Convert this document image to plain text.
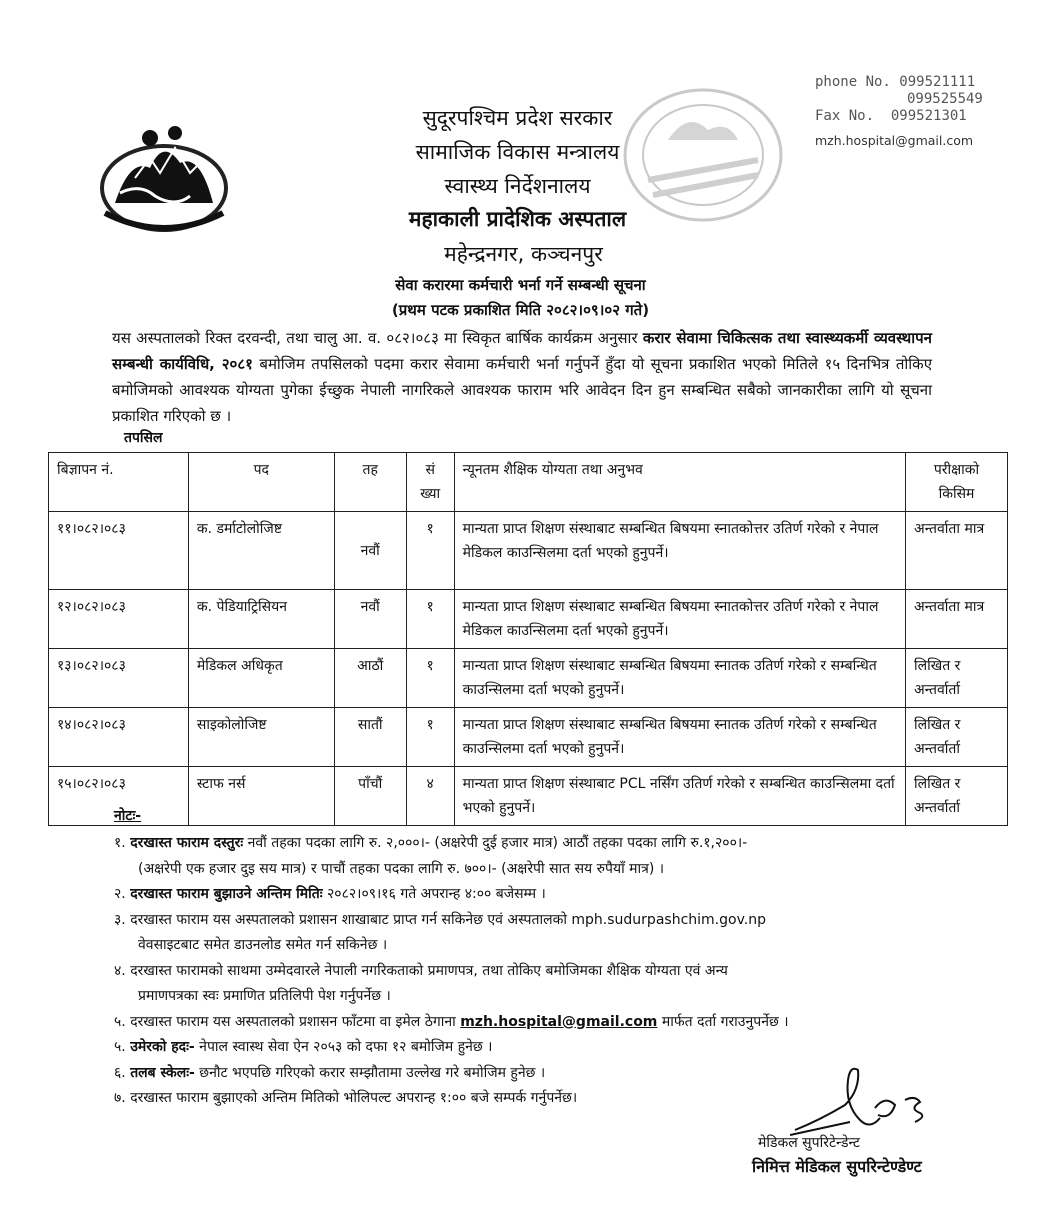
सुदूरपश्चिम प्रदेश सरकार
सामाजिक विकास मन्त्रालय
स्वास्थ्य निर्देशनालय
महाकाली प्रादेशिक अस्पताल
महेन्द्रनगर, कञ्चनपुर
सेवा करारमा कर्मचारी भर्ना गर्ने सम्बन्धी सूचना
(प्रथम पटक प्रकाशित मिति २०८२।०९।०२ गते)
phone No. 099521111
099525549
Fax No. 099521301
mzh.hospital@gmail.com
यस अस्पतालको रिक्त दरवन्दी, तथा चालु आ. व. ०८२।०८३ मा स्विकृत बार्षिक कार्यक्रम अनुसार करार सेवामा चिकित्सक तथा स्वास्थ्यकर्मी व्यवस्थापन सम्बन्धी कार्यविधि, २०८१ बमोजिम तपसिलको पदमा करार सेवामा कर्मचारी भर्ना गर्नुपर्ने हुँदा यो सूचना प्रकाशित भएको मितिले १५ दिनभित्र तोकिए बमोजिमको आवश्यक योग्यता पुगेका ईच्छुक नेपाली नागरिकले आवश्यक फाराम भरि आवेदन दिन हुन सम्बन्धित सबैको जानकारीका लागि यो सूचना प्रकाशित गरिएको छ ।
तपसिल
बिज्ञापन नं.	पद	तह	सं ख्या	न्यूनतम शैक्षिक योग्यता तथा अनुभव	परीक्षाको किसिम
११।०८२।०८३	क. डर्माटोलोजिष्ट	नवौं	१	मान्यता प्राप्त शिक्षण संस्थाबाट सम्बन्धित बिषयमा स्नातकोत्तर उतिर्ण गरेको र नेपाल मेडिकल काउन्सिलमा दर्ता भएको हुनुपर्ने।	अन्तर्वाता मात्र
१२।०८२।०८३	क. पेडियाट्रिसियन	नवौं	१	मान्यता प्राप्त शिक्षण संस्थाबाट सम्बन्धित बिषयमा स्नातकोत्तर उतिर्ण गरेको र नेपाल मेडिकल काउन्सिलमा दर्ता भएको हुनुपर्ने।	अन्तर्वाता मात्र
१३।०८२।०८३	मेडिकल अधिकृत	आठौं	१	मान्यता प्राप्त शिक्षण संस्थाबाट सम्बन्धित बिषयमा स्नातक उतिर्ण गरेको र सम्बन्धित काउन्सिलमा दर्ता भएको हुनुपर्ने।	लिखित र अन्तर्वार्ता
१४।०८२।०८३	साइकोलोजिष्ट	सातौं	१	मान्यता प्राप्त शिक्षण संस्थाबाट सम्बन्धित बिषयमा स्नातक उतिर्ण गरेको र सम्बन्धित काउन्सिलमा दर्ता भएको हुनुपर्ने।	लिखित र अन्तर्वार्ता
१५।०८२।०८३	स्टाफ नर्स	पाँचौं	४	मान्यता प्राप्त शिक्षण संस्थाबाट PCL नर्सिंग उतिर्ण गरेको र सम्बन्धित काउन्सिलमा दर्ता भएको हुनुपर्ने।	लिखित र अन्तर्वार्ता
नोटः-
१. दरखास्त फाराम दस्तुरः नवौं तहका पदका लागि रु. २,०००।- (अक्षरेपी दुई हजार मात्र) आठौं तहका पदका लागि रु.१,२००।-
(अक्षरेपी एक हजार दुइ सय मात्र) र पाचौं तहका पदका लागि रु. ७००।- (अक्षरेपी सात सय रुपैयाँ मात्र) ।
२. दरखास्त फाराम बुझाउने अन्तिम मितिः २०८२।०९।१६ गते अपरान्ह ४:०० बजेसम्म ।
३. दरखास्त फाराम यस अस्पतालको प्रशासन शाखाबाट प्राप्त गर्न सकिनेछ एवं अस्पतालको mph.sudurpashchim.gov.np
वेवसाइटबाट समेत डाउनलोड समेत गर्न सकिनेछ ।
४. दरखास्त फारामको साथमा उम्मेदवारले नेपाली नगरिकताको प्रमाणपत्र, तथा तोकिए बमोजिमका शैक्षिक योग्यता एवं अन्य
प्रमाणपत्रका स्वः प्रमाणित प्रतिलिपी पेश गर्नुपर्नेछ ।
५. दरखास्त फाराम यस अस्पतालको प्रशासन फाँटमा वा इमेल ठेगाना mzh.hospital@gmail.com मार्फत दर्ता गराउनुपर्नेछ ।
५. उमेरको हदः- नेपाल स्वास्थ सेवा ऐन २०५३ को दफा १२ बमोजिम हुनेछ ।
६. तलब स्केलः- छनौट भएपछि गरिएको करार सम्झौतामा उल्लेख गरे बमोजिम हुनेछ ।
७. दरखास्त फाराम बुझाएको अन्तिम मितिको भोलिपल्ट अपरान्ह १:०० बजे सम्पर्क गर्नुपर्नेछ।
मेडिकल सुपरिटेन्डेन्ट
निमित्त मेडिकल सुपरिन्टेण्डेण्ट
